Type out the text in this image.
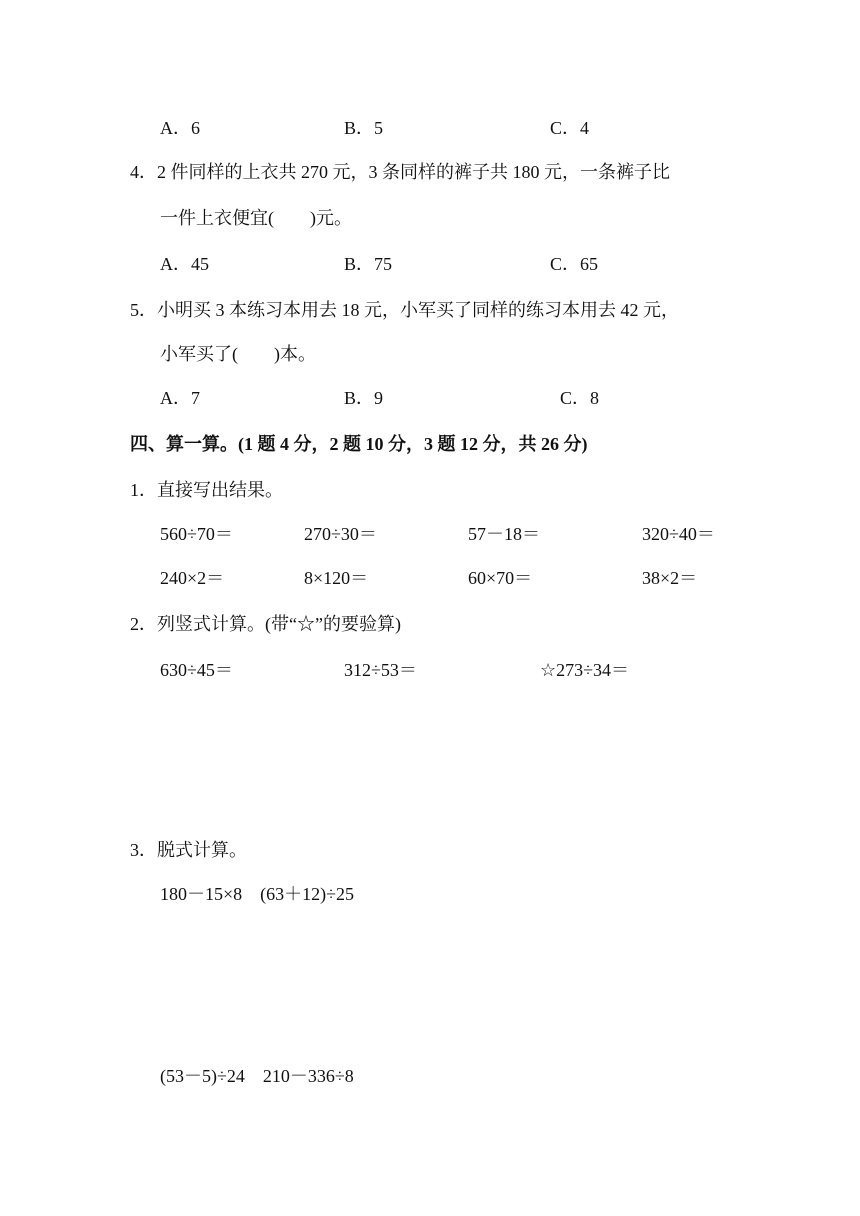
A．6	B．5	C．4
4．2 件同样的上衣共 270 元，3 条同样的裤子共 180 元，一条裤子比
一件上衣便宜(　　)元。
A．45	B．75	C．65
5．小明买 3 本练习本用去 18 元，小军买了同样的练习本用去 42 元，
小军买了(　　)本。
A．7	B．9	C．8
四、算一算。(1 题 4 分，2 题 10 分，3 题 12 分，共 26 分)
1．直接写出结果。
560÷70＝	270÷30＝	57－18＝	320÷40＝
240×2＝	8×120＝	60×70＝	38×2＝
2．列竖式计算。(带“☆”的要验算)
630÷45＝	312÷53＝	☆273÷34＝
3．脱式计算。
180－15×8　(63＋12)÷25
(53－5)÷24　210－336÷8
